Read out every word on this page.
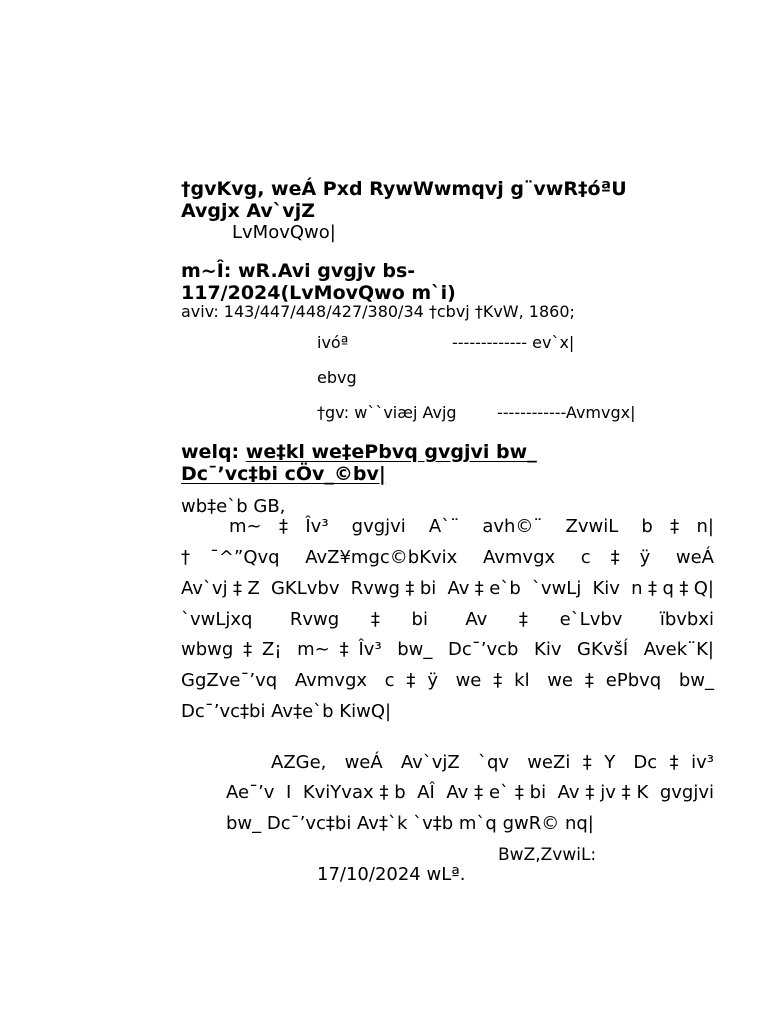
†gvKvg, weÁ Pxd RywWwmqvj g¨vwR‡óªU
Avgjx Av`vjZ
LvMovQwo|
m~Î: wR.Avi gvgjv bs-
117/2024(LvMovQwo m`i)
aviv: 143/447/448/427/380/34 †cbvj †KvW, 1860;
ivóª	------------- ev`x|
ebvg
†gv: w``viæj Avjg	------------Avmvgx|
welq: we‡kl we‡ePbvq gvgjvi bw_
Dc¯’vc‡bi cÖv_©bv|
wb‡e`b GB,
m~‡Îv³ gvgjvi A`¨ avh©¨ ZvwiL b‡n|
†¯^”Qvq AvZ¥mgc©bKvix Avmvgx c‡ÿ weÁ
Av`vj‡Z GKLvbv Rvwg‡bi Av‡e`b `vwLj Kiv n‡q‡Q|
`vwLjxq Rvwg‡bi Av‡e`Lvbv ïbvbxi
wbwg‡Z¡ m~‡Îv³ bw_ Dc¯’vcb Kiv GKvšÍ Avek¨K|
GgZve¯’vq Avmvgx c‡ÿ we‡kl we‡ePbvq bw_
Dc¯’vc‡bi Av‡e`b KiwQ|
AZGe, weÁ Av`vjZ `qv weZi‡Y Dc‡iv³
Ae¯’v I KviYvax‡b AÎ Av‡e`‡bi Av‡jv‡K gvgjvi
bw_ Dc¯’vc‡bi Av‡`k `v‡b m`q gwR© nq|
BwZ,ZvwiL:
17/10/2024 wLª.
